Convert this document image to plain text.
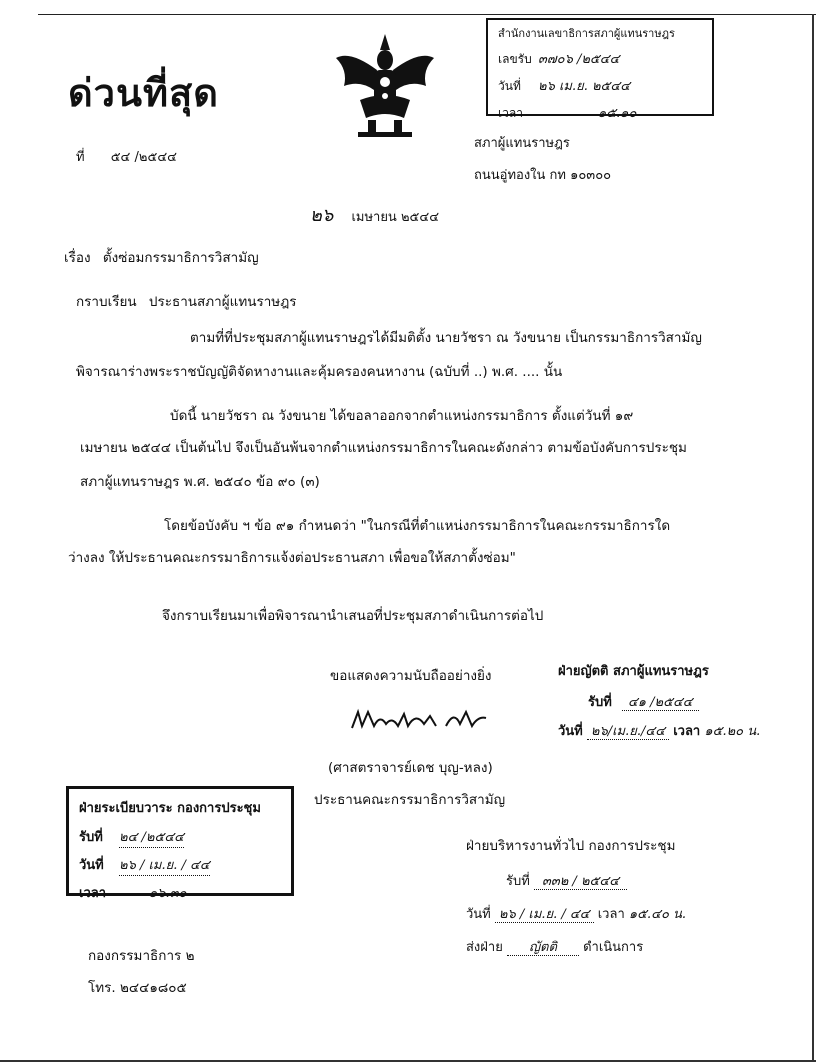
ด่วนที่สุด
สำนักงานเลขาธิการสภาผู้แทนราษฎร
เลขรับ ๓๗๐๖ /๒๕๔๔
วันที่	๒๖ เม.ย. ๒๕๔๔
เวลา	๑๕.๑๐
ที่ ๕๔ /๒๕๔๔
สภาผู้แทนราษฎร
ถนนอู่ทองใน กท ๑๐๓๐๐
๒๖ เมษายน ๒๕๔๔
เรื่อง ตั้งซ่อมกรรมาธิการวิสามัญ
กราบเรียน ประธานสภาผู้แทนราษฎร
ตามที่ที่ประชุมสภาผู้แทนราษฎรได้มีมติตั้ง นายวัชรา ณ วังขนาย เป็นกรรมาธิการวิสามัญ
พิจารณาร่างพระราชบัญญัติจัดหางานและคุ้มครองคนหางาน (ฉบับที่ ..) พ.ศ. .... นั้น
บัดนี้ นายวัชรา ณ วังขนาย ได้ขอลาออกจากตำแหน่งกรรมาธิการ ตั้งแต่วันที่ ๑๙
เมษายน ๒๕๔๔ เป็นต้นไป จึงเป็นอันพ้นจากตำแหน่งกรรมาธิการในคณะดังกล่าว ตามข้อบังคับการประชุม
สภาผู้แทนราษฎร พ.ศ. ๒๕๔๐ ข้อ ๙๐ (๓)
โดยข้อบังคับ ฯ ข้อ ๙๑ กำหนดว่า "ในกรณีที่ตำแหน่งกรรมาธิการในคณะกรรมาธิการใด
ว่างลง ให้ประธานคณะกรรมาธิการแจ้งต่อประธานสภา เพื่อขอให้สภาตั้งซ่อม"
จึงกราบเรียนมาเพื่อพิจารณานำเสนอที่ประชุมสภาดำเนินการต่อไป
ขอแสดงความนับถืออย่างยิ่ง
(ศาสตราจารย์เดช บุญ-หลง)
ประธานคณะกรรมาธิการวิสามัญ
ฝ่ายญัตติ สภาผู้แทนราษฎร
รับที่ ๔๑ /๒๕๔๔
วันที่ ๒๖/เม.ย./๔๔ เวลา ๑๕.๒๐ น.
ฝ่ายระเบียบวาระ กองการประชุม
รับที่	๒๔ /๒๕๔๔
วันที่	๒๖ / เม.ย. / ๔๔
เวลา	๑๖.๓๐
ฝ่ายบริหารงานทั่วไป กองการประชุม
รับที่ ๓๓๒ / ๒๕๔๔
วันที่ ๒๖ / เม.ย. / ๔๔ เวลา ๑๕.๔๐ น.
ส่งฝ่าย ญัตติ ดำเนินการ
กองกรรมาธิการ ๒
โทร. ๒๔๔๑๘๐๕
